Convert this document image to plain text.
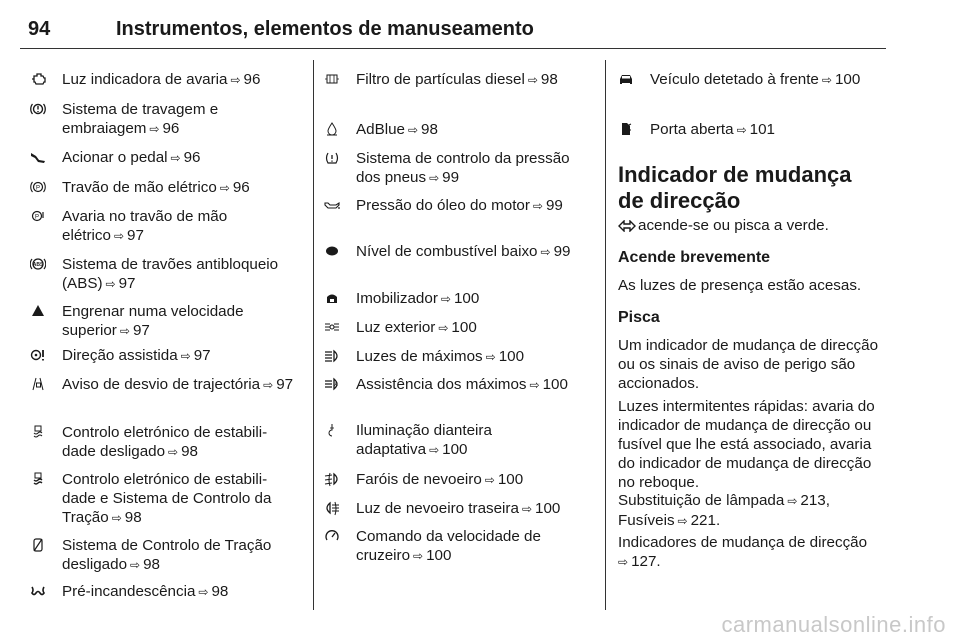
94	Instrumentos, elementos de manuseamento
Luz indicadora de avaria ⇨ 96
Sistema de travagem e embraiagem ⇨ 96
Acionar o pedal ⇨ 96
P Travão de mão elétrico ⇨ 96
P Avaria no travão de mão elétrico ⇨ 97
ABS Sistema de travões antibloqueio (ABS) ⇨ 97
Engrenar numa velocidade superior ⇨ 97
Direção assistida ⇨ 97
Aviso de desvio de trajectória ⇨ 97
Controlo eletrónico de estabili-dade desligado ⇨ 98
Controlo eletrónico de estabili-dade e Sistema de Controlo da Tração ⇨ 98
Sistema de Controlo de Tração desligado ⇨ 98
Pré-incandescência ⇨ 98
Filtro de partículas diesel ⇨ 98
AdBlue ⇨ 98
Sistema de controlo da pressão dos pneus ⇨ 99
Pressão do óleo do motor ⇨ 99
Nível de combustível baixo ⇨ 99
Imobilizador ⇨ 100
Luz exterior ⇨ 100
Luzes de máximos ⇨ 100
A Assistência dos máximos ⇨ 100
Iluminação dianteira adaptativa ⇨ 100
Faróis de nevoeiro ⇨ 100
Luz de nevoeiro traseira ⇨ 100
Comando da velocidade de cruzeiro ⇨ 100
Veículo detetado à frente ⇨ 100
Porta aberta ⇨ 101
Indicador de mudança de direcção
acende-se ou pisca a verde.
Acende brevemente
As luzes de presença estão acesas.
Pisca
Um indicador de mudança de direcção ou os sinais de aviso de perigo são accionados.
Luzes intermitentes rápidas: avaria do indicador de mudança de direcção ou fusível que lhe está associado, avaria do indicador de mudança de direcção no reboque.
Substituição de lâmpada ⇨ 213,
Fusíveis ⇨ 221.
Indicadores de mudança de direcção
⇨ 127.
carmanualsonline.info
